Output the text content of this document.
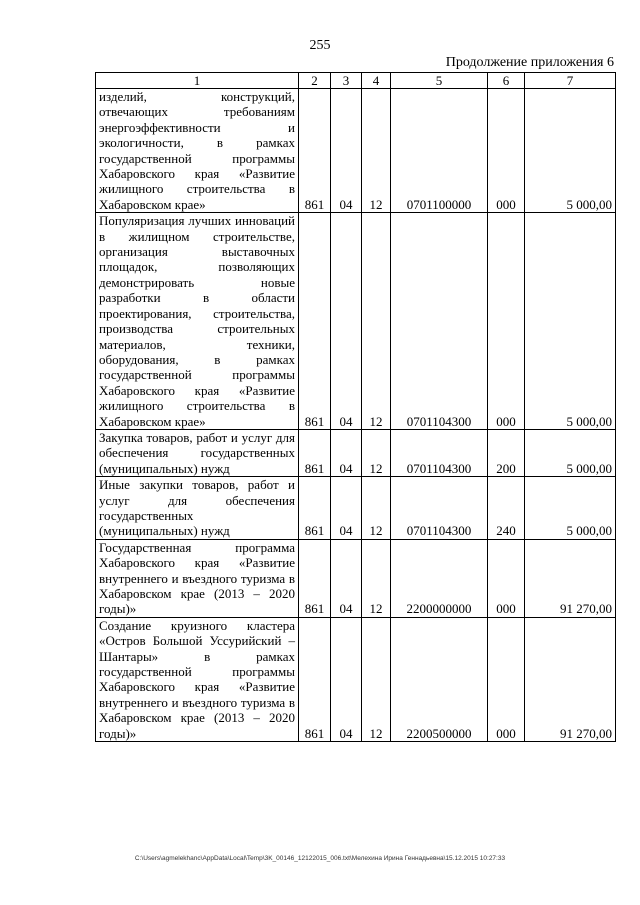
255
Продолжение приложения 6
1	2	3	4	5	6	7
изделий, конструкций, отвечающих требованиям энергоэффективности и экологичности, в рамках государственной программы Хабаровского края «Развитие жилищного строительства в Хабаровском крае»	861	04	12	0701100000	000	5 000,00
Популяризация лучших инноваций в жилищном строительстве, организация выставочных площадок, позволяющих демонстрировать новые разработки в области проектирования, строительства, производства строительных материалов, техники, оборудования, в рамках государственной программы Хабаровского края «Развитие жилищного строительства в Хабаровском крае»	861	04	12	0701104300	000	5 000,00
Закупка товаров, работ и услуг для обеспечения государственных (муниципальных) нужд	861	04	12	0701104300	200	5 000,00
Иные закупки товаров, работ и услуг для обеспечения государственных (муниципальных) нужд	861	04	12	0701104300	240	5 000,00
Государственная программа Хабаровского края «Развитие внутреннего и въездного туризма в Хабаровском крае (2013 – 2020 годы)»	861	04	12	2200000000	000	91 270,00
Создание круизного кластера «Остров Большой Уссурийский – Шантары» в рамках государственной программы Хабаровского края «Развитие внутреннего и въездного туризма в Хабаровском крае (2013 – 2020 годы)»	861	04	12	2200500000	000	91 270,00
C:\Users\agmelekhanc\AppData\Local\Temp\3K_00146_12122015_006.txt\Мелехина Ирина Геннадьевна\15.12.2015 10:27:33
